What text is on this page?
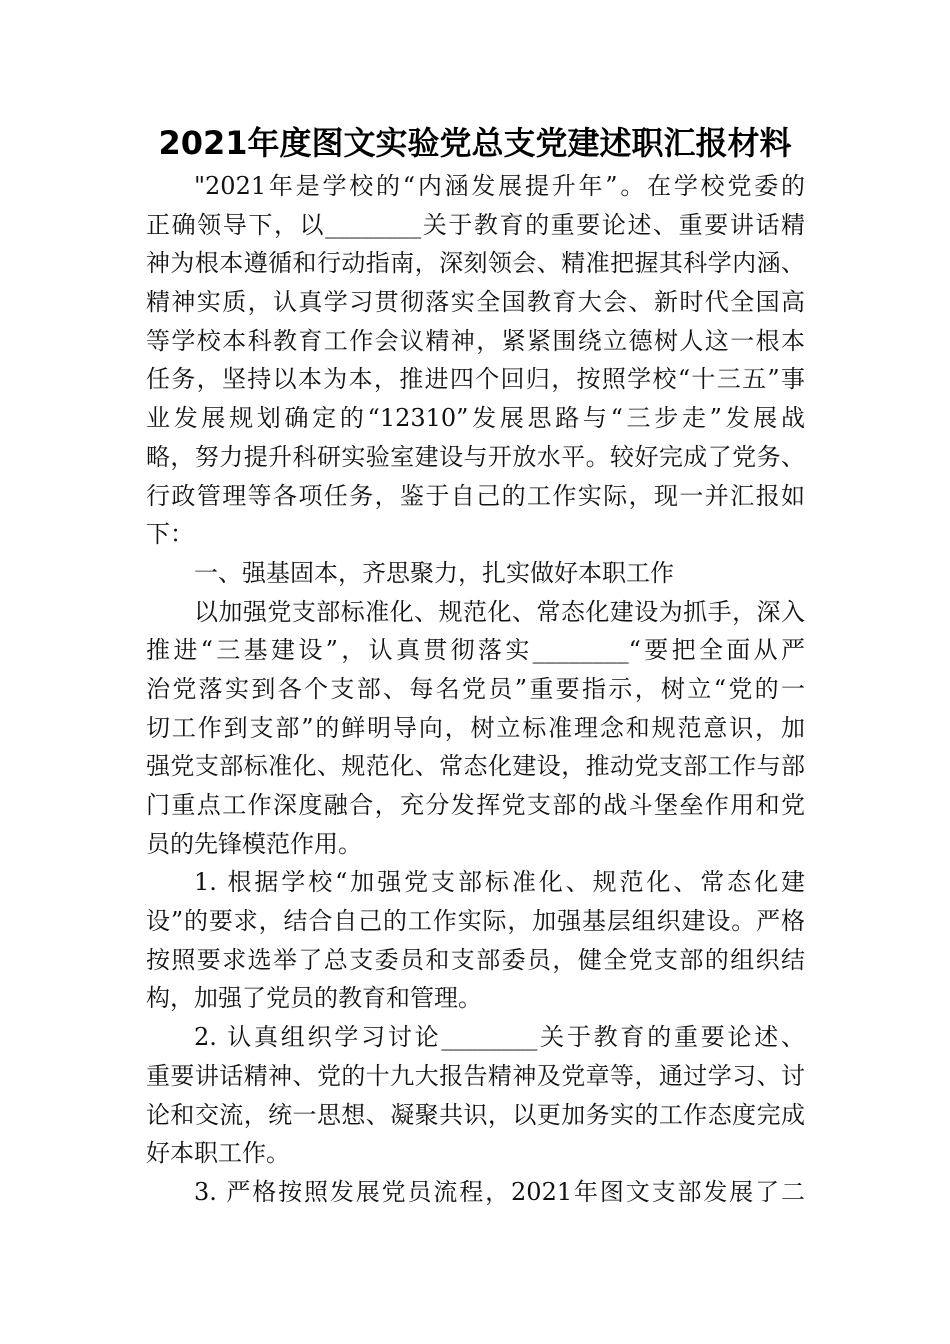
2021年度图文实验党总支党建述职汇报材料
"2021年是学校的“内涵发展提升年”。在学校党委的
正确领导下，以________关于教育的重要论述、重要讲话精
神为根本遵循和行动指南，深刻领会、精准把握其科学内涵、
精神实质，认真学习贯彻落实全国教育大会、新时代全国高
等学校本科教育工作会议精神，紧紧围绕立德树人这一根本
任务，坚持以本为本，推进四个回归，按照学校“十三五”事
业发展规划确定的“12310”发展思路与“三步走”发展战
略，努力提升科研实验室建设与开放水平。较好完成了党务、
行政管理等各项任务，鉴于自己的工作实际，现一并汇报如
下：
一、强基固本，齐思聚力，扎实做好本职工作
以加强党支部标准化、规范化、常态化建设为抓手，深入
推进“三基建设”，认真贯彻落实________“要把全面从严
治党落实到各个支部、每名党员”重要指示，树立“党的一
切工作到支部”的鲜明导向，树立标准理念和规范意识，加
强党支部标准化、规范化、常态化建设，推动党支部工作与部
门重点工作深度融合，充分发挥党支部的战斗堡垒作用和党
员的先锋模范作用。
1. 根据学校“加强党支部标准化、规范化、常态化建
设”的要求，结合自己的工作实际，加强基层组织建设。严格
按照要求选举了总支委员和支部委员，健全党支部的组织结
构，加强了党员的教育和管理。
2. 认真组织学习讨论________关于教育的重要论述、
重要讲话精神、党的十九大报告精神及党章等，通过学习、讨
论和交流，统一思想、凝聚共识，以更加务实的工作态度完成
好本职工作。
3. 严格按照发展党员流程，2021年图文支部发展了二
